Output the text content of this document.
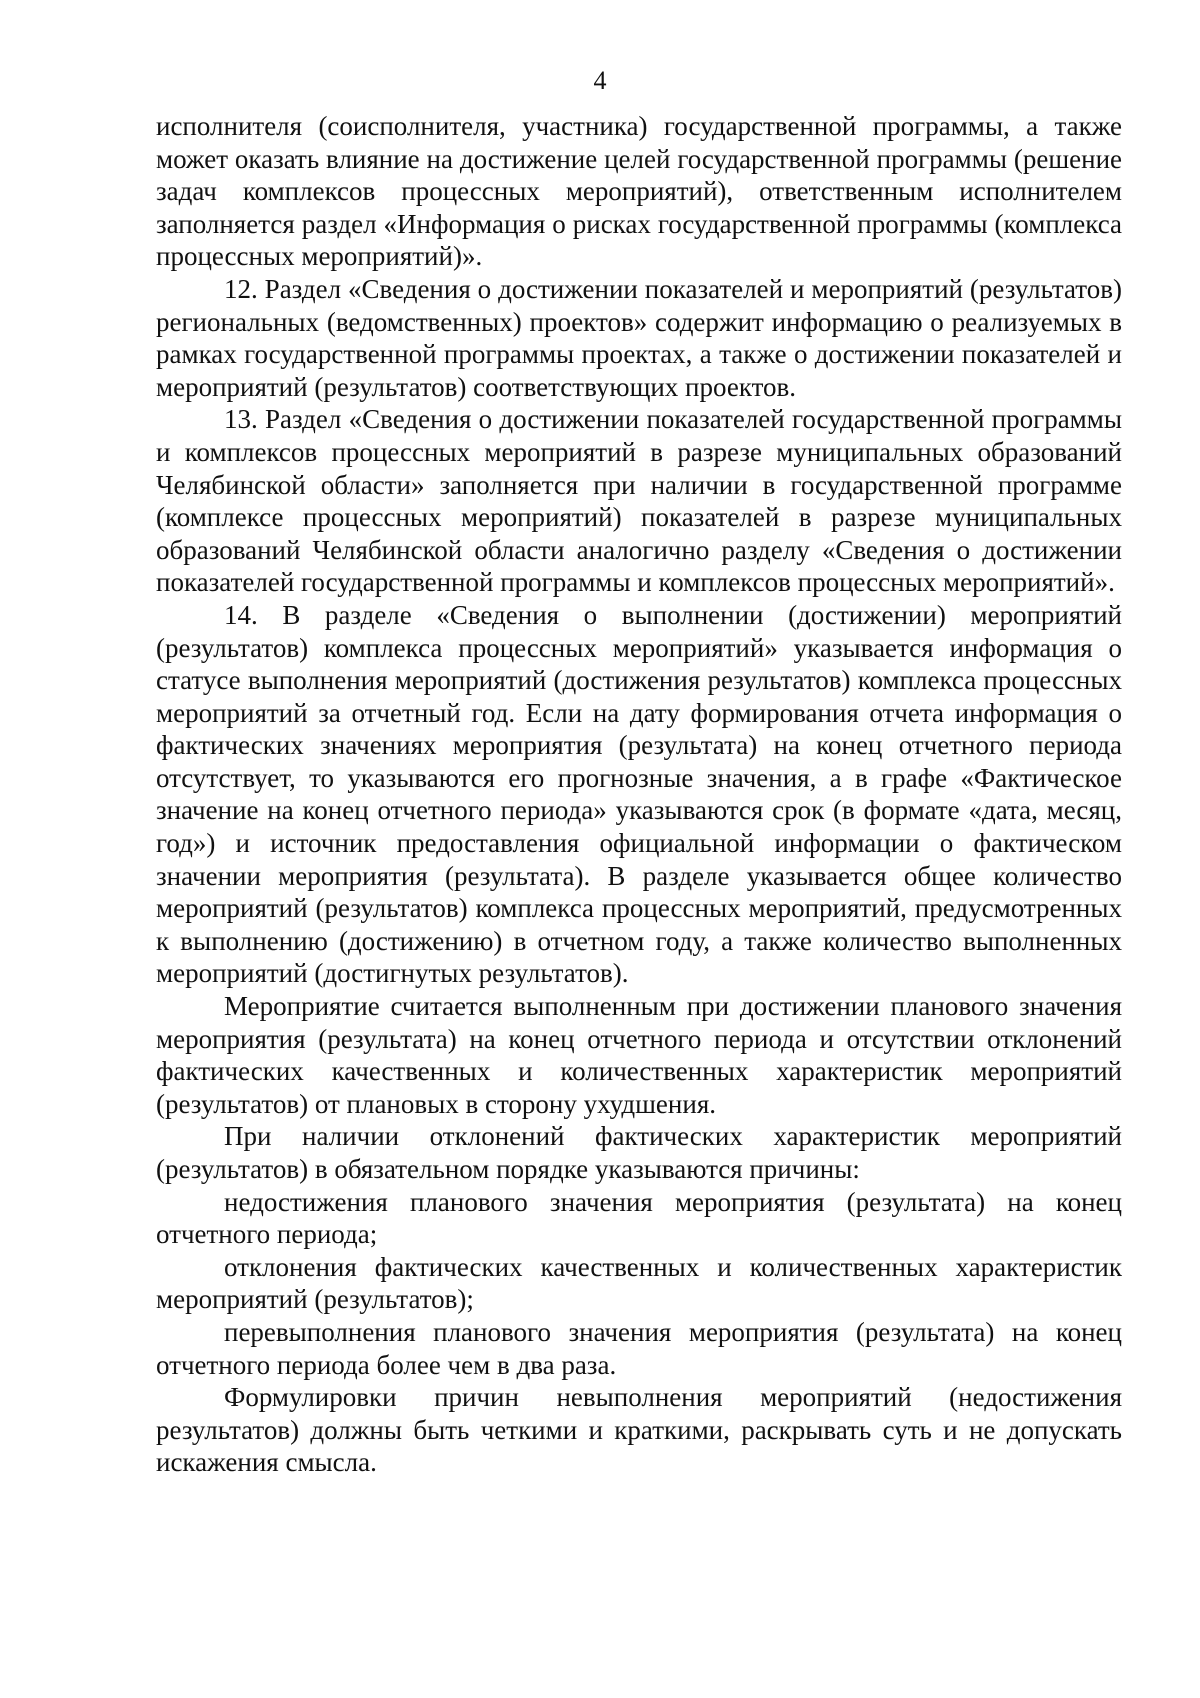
4

исполнителя (соисполнителя, участника) государственной программы, а также может оказать влияние на достижение целей государственной программы (решение задач комплексов процессных мероприятий), ответственным исполнителем заполняется раздел «Информация о рисках государственной программы (комплекса процессных мероприятий)».

12. Раздел «Сведения о достижении показателей и мероприятий (результатов) региональных (ведомственных) проектов» содержит информацию о реализуемых в рамках государственной программы проектах, а также о достижении показателей и мероприятий (результатов) соответствующих проектов.

13. Раздел «Сведения о достижении показателей государственной программы и комплексов процессных мероприятий в разрезе муниципальных образований Челябинской области» заполняется при наличии в государственной программе (комплексе процессных мероприятий) показателей в разрезе муниципальных образований Челябинской области аналогично разделу «Сведения о достижении показателей государственной программы и комплексов процессных мероприятий».

14. В разделе «Сведения о выполнении (достижении) мероприятий (результатов) комплекса процессных мероприятий» указывается информация о статусе выполнения мероприятий (достижения результатов) комплекса процессных мероприятий за отчетный год. Если на дату формирования отчета информация о фактических значениях мероприятия (результата) на конец отчетного периода отсутствует, то указываются его прогнозные значения, а в графе «Фактическое значение на конец отчетного периода» указываются срок (в формате «дата, месяц, год») и источник предоставления официальной информации о фактическом значении мероприятия (результата). В разделе указывается общее количество мероприятий (результатов) комплекса процессных мероприятий, предусмотренных к выполнению (достижению) в отчетном году, а также количество выполненных мероприятий (достигнутых результатов).

Мероприятие считается выполненным при достижении планового значения мероприятия (результата) на конец отчетного периода и отсутствии отклонений фактических качественных и количественных характеристик мероприятий (результатов) от плановых в сторону ухудшения.

При наличии отклонений фактических характеристик мероприятий (результатов) в обязательном порядке указываются причины:

недостижения планового значения мероприятия (результата) на конец отчетного периода;

отклонения фактических качественных и количественных характеристик мероприятий (результатов);

перевыполнения планового значения мероприятия (результата) на конец отчетного периода более чем в два раза.

Формулировки причин невыполнения мероприятий (недостижения результатов) должны быть четкими и краткими, раскрывать суть и не допускать искажения смысла.
